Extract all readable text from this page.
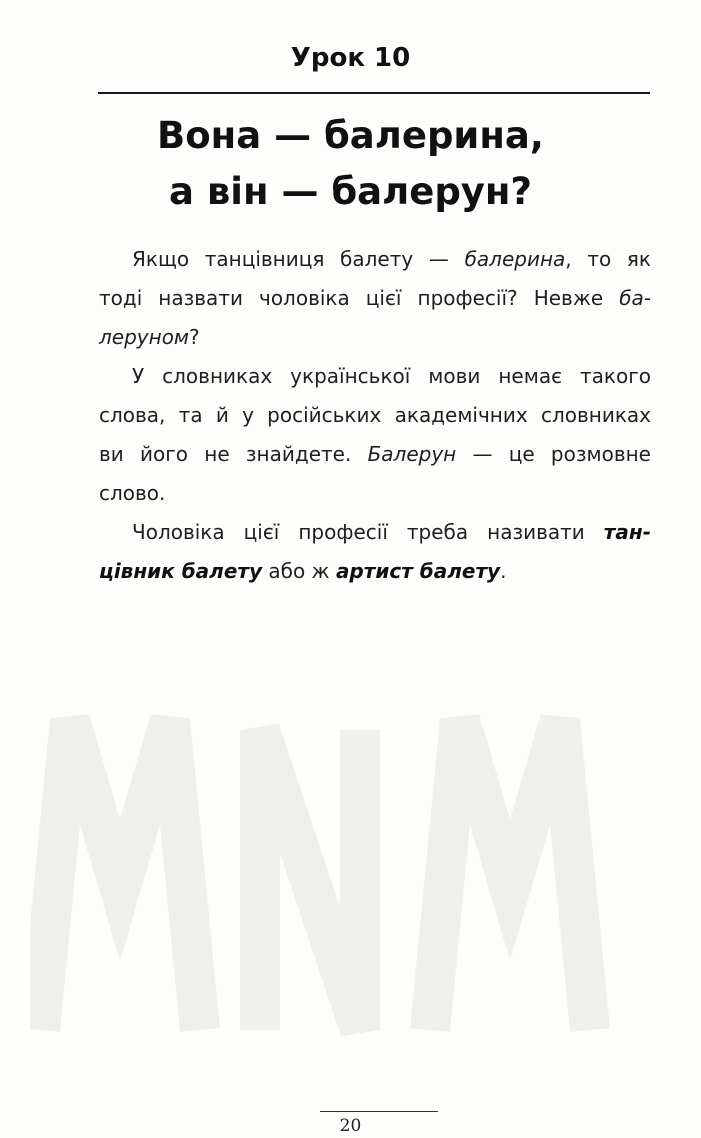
Урок 10
Вона — балерина,
а він — балерун?
Якщо танцівниця балету — балерина, то як
тоді назвати чоловіка цієї професії? Невже ба-
леруном?
У словниках української мови немає такого
слова, та й у російських академічних словниках
ви його не знайдете. Балерун — це розмовне
слово.
Чоловіка цієї професії треба називати тан-
цівник балету або ж артист балету.
20
